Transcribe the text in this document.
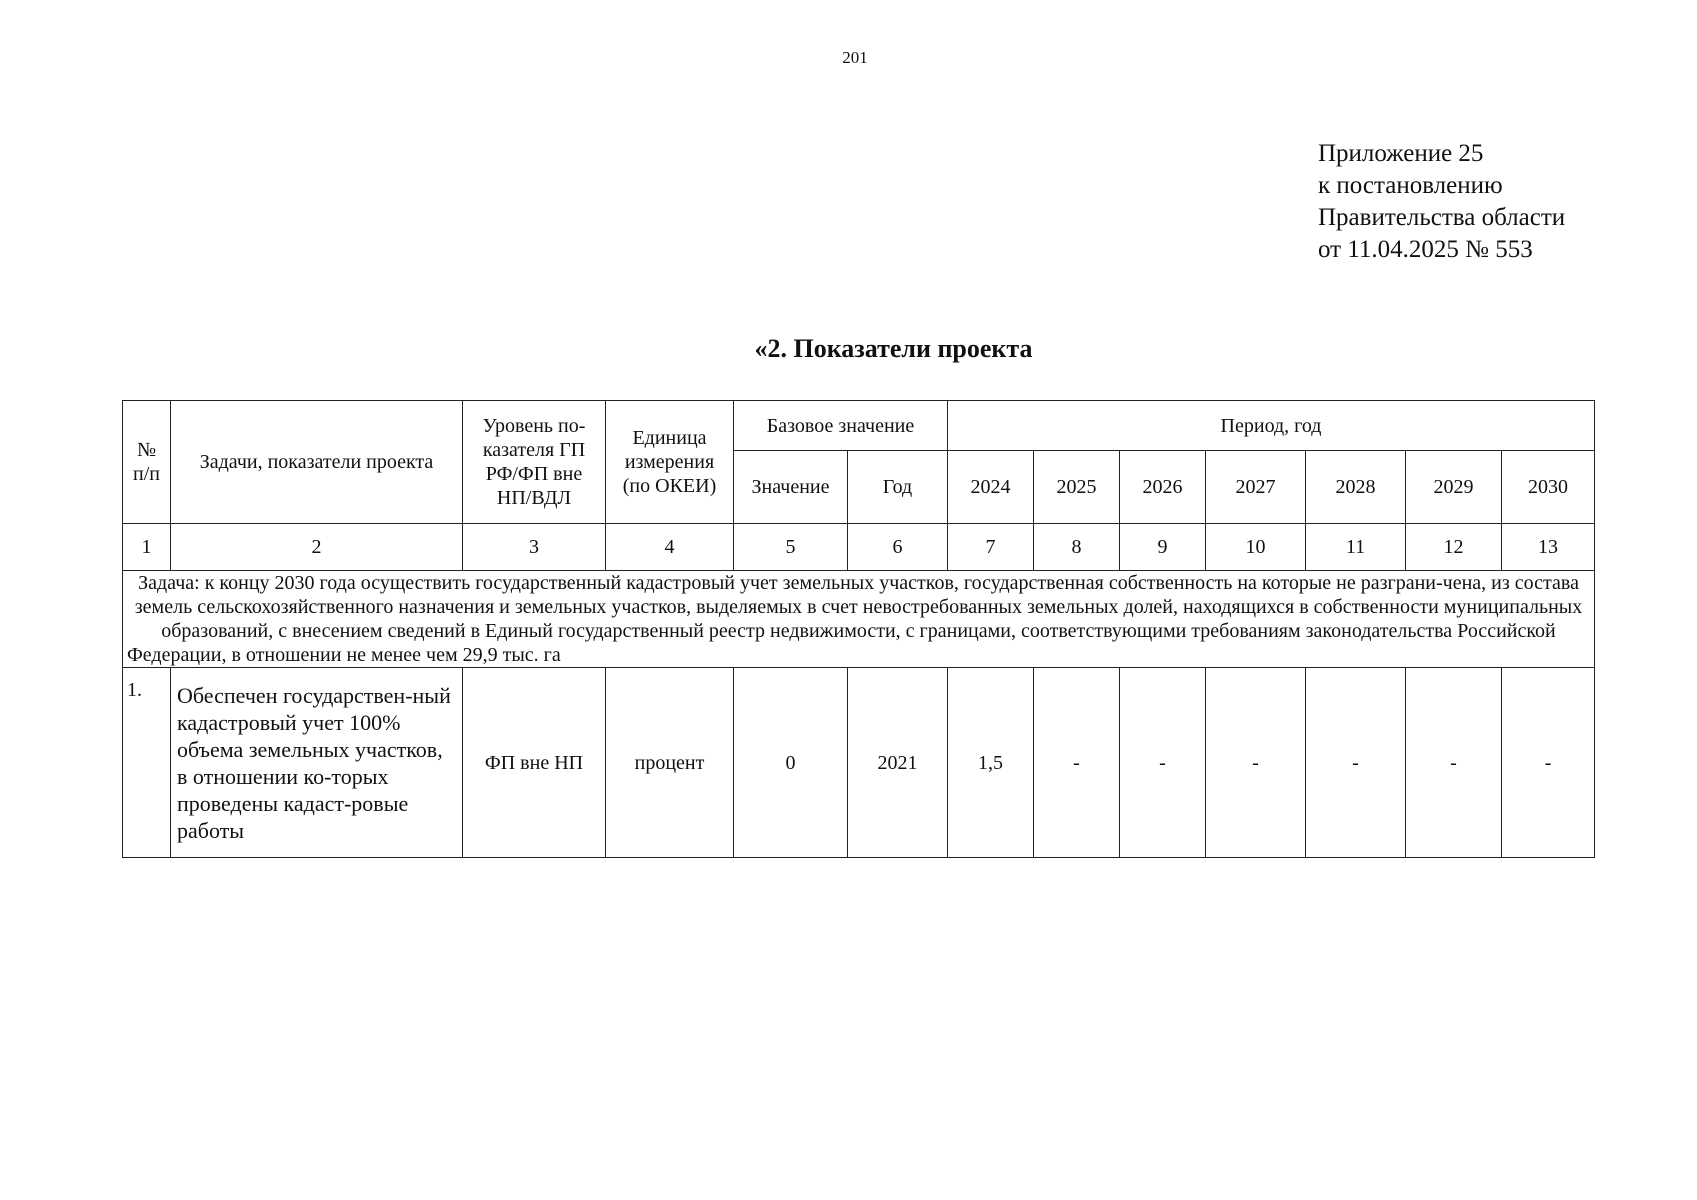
201
Приложение 25
к постановлению
Правительства области
от 11.04.2025 № 553
«2. Показатели проекта
№ п/п	Задачи, показатели проекта	Уровень по-казателя ГП РФ/ФП вне НП/ВДЛ	Единица измерения (по ОКЕИ)	Базовое значение		Период, год						
				Значение	Год	2024	2025	2026	2027	2028	2029	2030
1	2	3	4	5	6	7	8	9	10	11	12	13
Задача: к концу 2030 года осуществить государственный кадастровый учет земельных участков, государственная собственность на которые не разграни-чена, из состава земель сельскохозяйственного назначения и земельных участков, выделяемых в счет невостребованных земельных долей, находящихся в собственности муниципальных образований, с внесением сведений в Единый государственный реестр недвижимости, с границами, соответствующими требованиям законодательства Российской Федерации, в отношении не менее чем 29,9 тыс. га												
1.	Обеспечен государствен-ный кадастровый учет 100% объема земельных участков, в отношении ко-торых проведены кадаст-ровые работы	ФП вне НП	процент	0	2021	1,5	-	-	-	-	-	-
